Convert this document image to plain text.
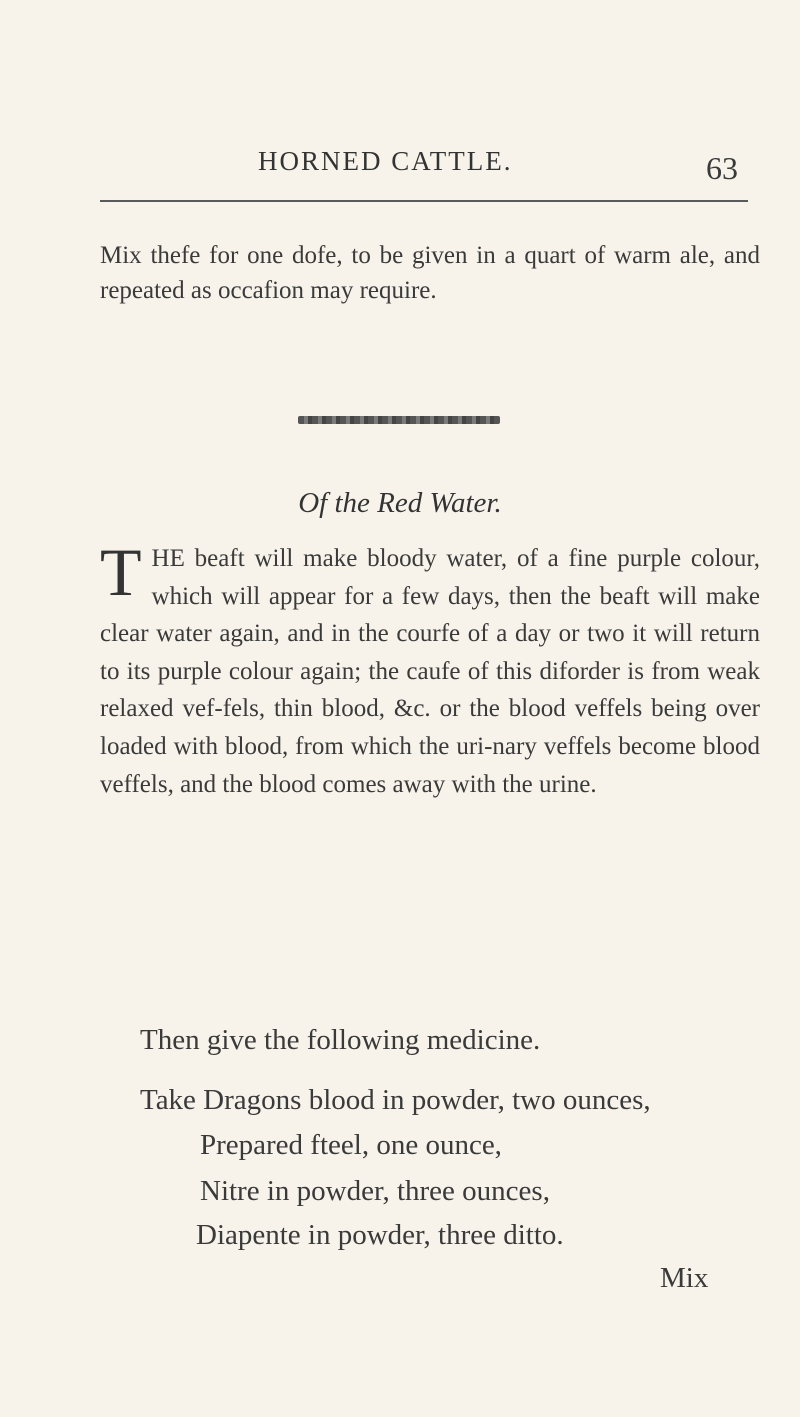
HORNED CATTLE.	63
Mix thefe for one dofe, to be given in a quart of warm ale, and repeated as occafion may require.
Of the Red Water.
T HE beaft will make bloody water, of a fine purple colour, which will appear for a few days, then the beaft will make clear water again, and in the courfe of a day or two it will return to its purple colour again; the caufe of this diforder is from weak relaxed vef-fels, thin blood, &c. or the blood veffels being over loaded with blood, from which the uri-nary veffels become blood veffels, and the blood comes away with the urine.
Then give the following medicine.
Take Dragons blood in powder, two ounces,
Prepared fteel, one ounce,
Nitre in powder, three ounces,
Diapente in powder, three ditto.
Mix
